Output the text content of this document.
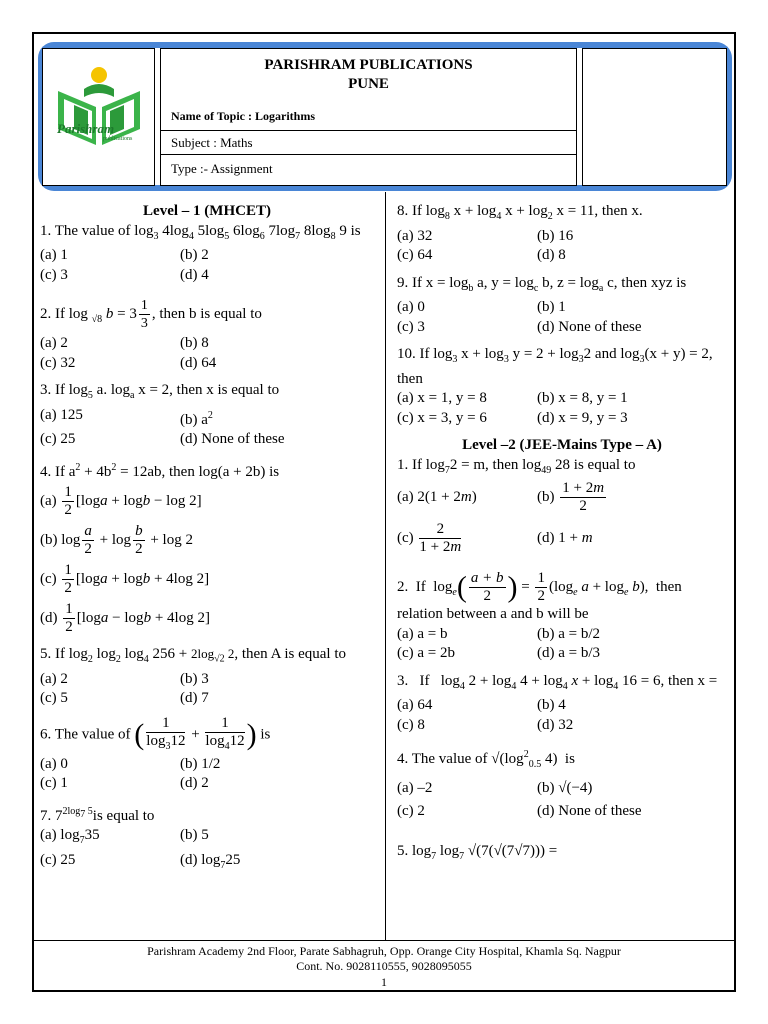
Parishram
publications
PARISHRAM PUBLICATIONS
PUNE
Name of Topic : Logarithms
Subject : Maths
Type :- Assignment
Level – 1 (MHCET)

1. The value of $\log_3 4\log_4$ $5\log_5$ $6\log_6$ $7\log_7$ $8\log_8$ 9 is

(a) 1	(b) 2
(c) 3	(d) 4

2. If log $_{√8}$ $b = 3 \frac{1}{3}$ , then b is equal to

(a) 2	(b) 8
(c) 32	(d) 64

3. If $\log_5 a$. $\log_a x = 2$, then x is equal to

(a) 125	(b) $a^2$
(c) 25	(d) None of these

4. If $a^2 + 4b^2 = 12ab$, then log(a + 2b) is

$(a) \frac{1}{2} [\log a + \log b - \log 2]$
(b) $\log \frac{a}{2} + \log \frac{b}{2} + \log 2$
$(c) \frac{1}{2} [\log a + \log b + 4\log$ 2]
$(d) \frac{1}{2} [\log a - \log b + 4\log$ 2]

5. If $\log_2 \log_2 \log_4 256 + 2\log_{√2}$ 2, then A is equal to

(a) 2	(b) 3
(c) 5	(d) 7

6. The value of ( $\frac{1}{\log_312} + \frac{1}{\log_412}$ ) is

(a) 0	(b) 1/2
(c) 1	(d) 2

7. $7^{2log_7 5}is$ equal to

(a) $\log_735$	(b) 5
(c) 25	(d) $\log_725$

8. If $\log_8 x + \log_4 x + \log_2 x = 11$, then x.

(a) 32	(b) 16
(c) 64	(d) 8

9. If $x = \log_b a$, $y = \log_c b$, $z = \log_a c$, then xyz is

(a) 0	(b) 1
(c) 3	(d) None of these

10. If $\log_3 x + \log_3 y = 2 + \log_32$ and $\log_3(x + y) = 2$, then

(a) x = 1, y = 8	(b) x = 8, y = 1
(c) x = 3, y = 6	(d) x = 9, y = 3
Level –2 (JEE-Mains Type – A)

1. If $\log_72 = m$, then $\log_{49} 28$ is equal to

(a) 2(1 + 2m)	$(b) \frac{1 + 2m}{2}$
$(c) \frac{2}{1 + 2m}$	(d) 1 + m

2.  If  $\log_e( \frac{a + b}{2}$ ) = $\frac{1}{2} (\log_e$ $a + \log_e b$),  then relation between a and b will be

(a) a = b	(b) a = b/2
(c) a = 2b	(d) a = b/3

3.   If   $\log_4 2 + \log_4 4 + \log_4 x + \log_4 16 = 6$, then x =

(a) 64	(b) 4
(c) 8	(d) 32

4. The value of $√(\log^2_{0.5}$ 4)  is

(a) –2	(b) √(−4)
(c) 2	(d) None of these

5. $\log_7 \log_7 √(7(√(7√7)))$ =

Parishram Academy 2nd Floor, Parate Sabhagruh, Opp. Orange City Hospital, Khamla Sq. Nagpur
Cont. No. 9028110555, 9028095055
1
